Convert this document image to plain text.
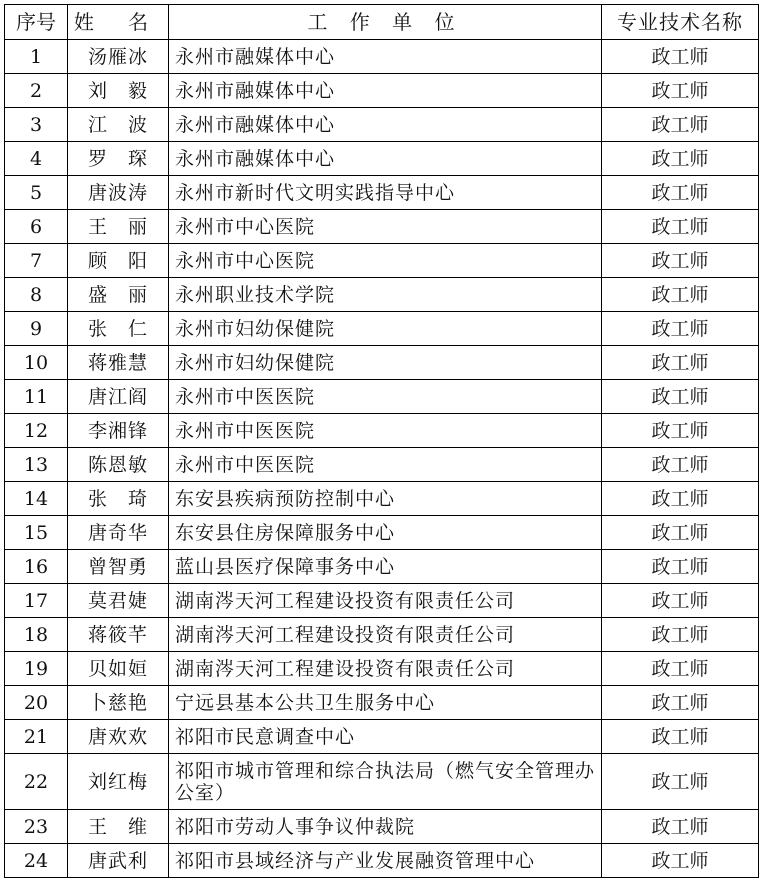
序号	姓 名	工 作 单 位	专业技术名称
1	汤雁冰	永州市融媒体中心	政工师
2	刘　毅	永州市融媒体中心	政工师
3	江　波	永州市融媒体中心	政工师
4	罗　琛	永州市融媒体中心	政工师
5	唐波涛	永州市新时代文明实践指导中心	政工师
6	王　丽	永州市中心医院	政工师
7	顾　阳	永州市中心医院	政工师
8	盛　丽	永州职业技术学院	政工师
9	张　仁	永州市妇幼保健院	政工师
10	蒋雅慧	永州市妇幼保健院	政工师
11	唐江阎	永州市中医医院	政工师
12	李湘锋	永州市中医医院	政工师
13	陈恩敏	永州市中医医院	政工师
14	张　琦	东安县疾病预防控制中心	政工师
15	唐奇华	东安县住房保障服务中心	政工师
16	曾智勇	蓝山县医疗保障事务中心	政工师
17	莫君婕	湖南涔天河工程建设投资有限责任公司	政工师
18	蒋筱芊	湖南涔天河工程建设投资有限责任公司	政工师
19	贝如姮	湖南涔天河工程建设投资有限责任公司	政工师
20	卜慈艳	宁远县基本公共卫生服务中心	政工师
21	唐欢欢	祁阳市民意调查中心	政工师
22	刘红梅	祁阳市城市管理和综合执法局（燃气安全管理办公室）	政工师
23	王　维	祁阳市劳动人事争议仲裁院	政工师
24	唐武利	祁阳市县域经济与产业发展融资管理中心	政工师
